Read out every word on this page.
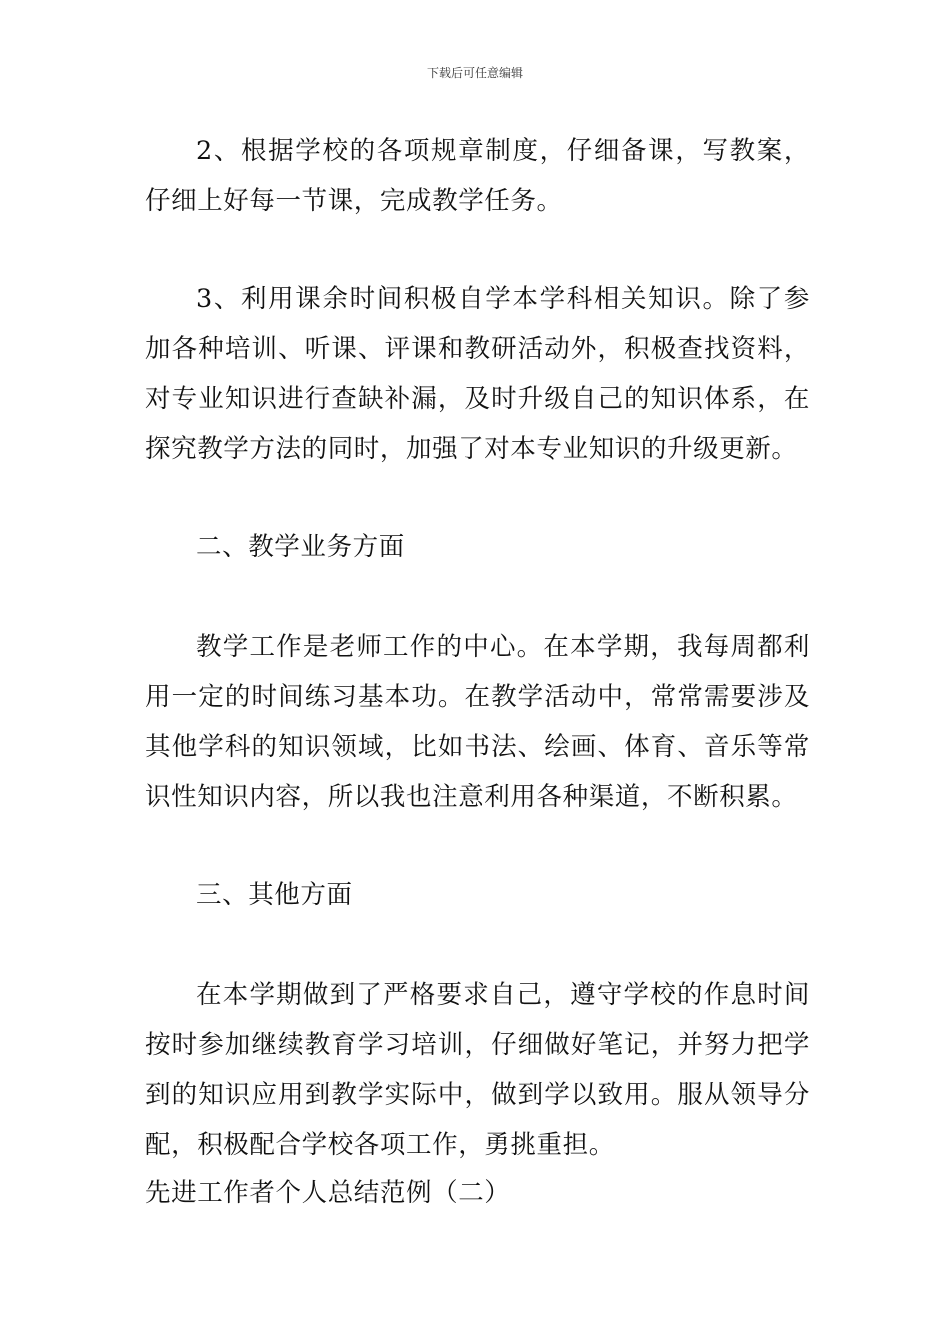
下载后可任意编辑

2、根据学校的各项规章制度，仔细备课，写教案，仔细上好每一节课，完成教学任务。

3、利用课余时间积极自学本学科相关知识。除了参加各种培训、听课、评课和教研活动外，积极查找资料，对专业知识进行查缺补漏，及时升级自己的知识体系，在探究教学方法的同时，加强了对本专业知识的升级更新。

二、教学业务方面

教学工作是老师工作的中心。在本学期，我每周都利用一定的时间练习基本功。在教学活动中，常常需要涉及其他学科的知识领域，比如书法、绘画、体育、音乐等常识性知识内容，所以我也注意利用各种渠道，不断积累。

三、其他方面

在本学期做到了严格要求自己，遵守学校的作息时间按时参加继续教育学习培训，仔细做好笔记，并努力把学到的知识应用到教学实际中，做到学以致用。服从领导分配，积极配合学校各项工作，勇挑重担。

先进工作者个人总结范例（二）
